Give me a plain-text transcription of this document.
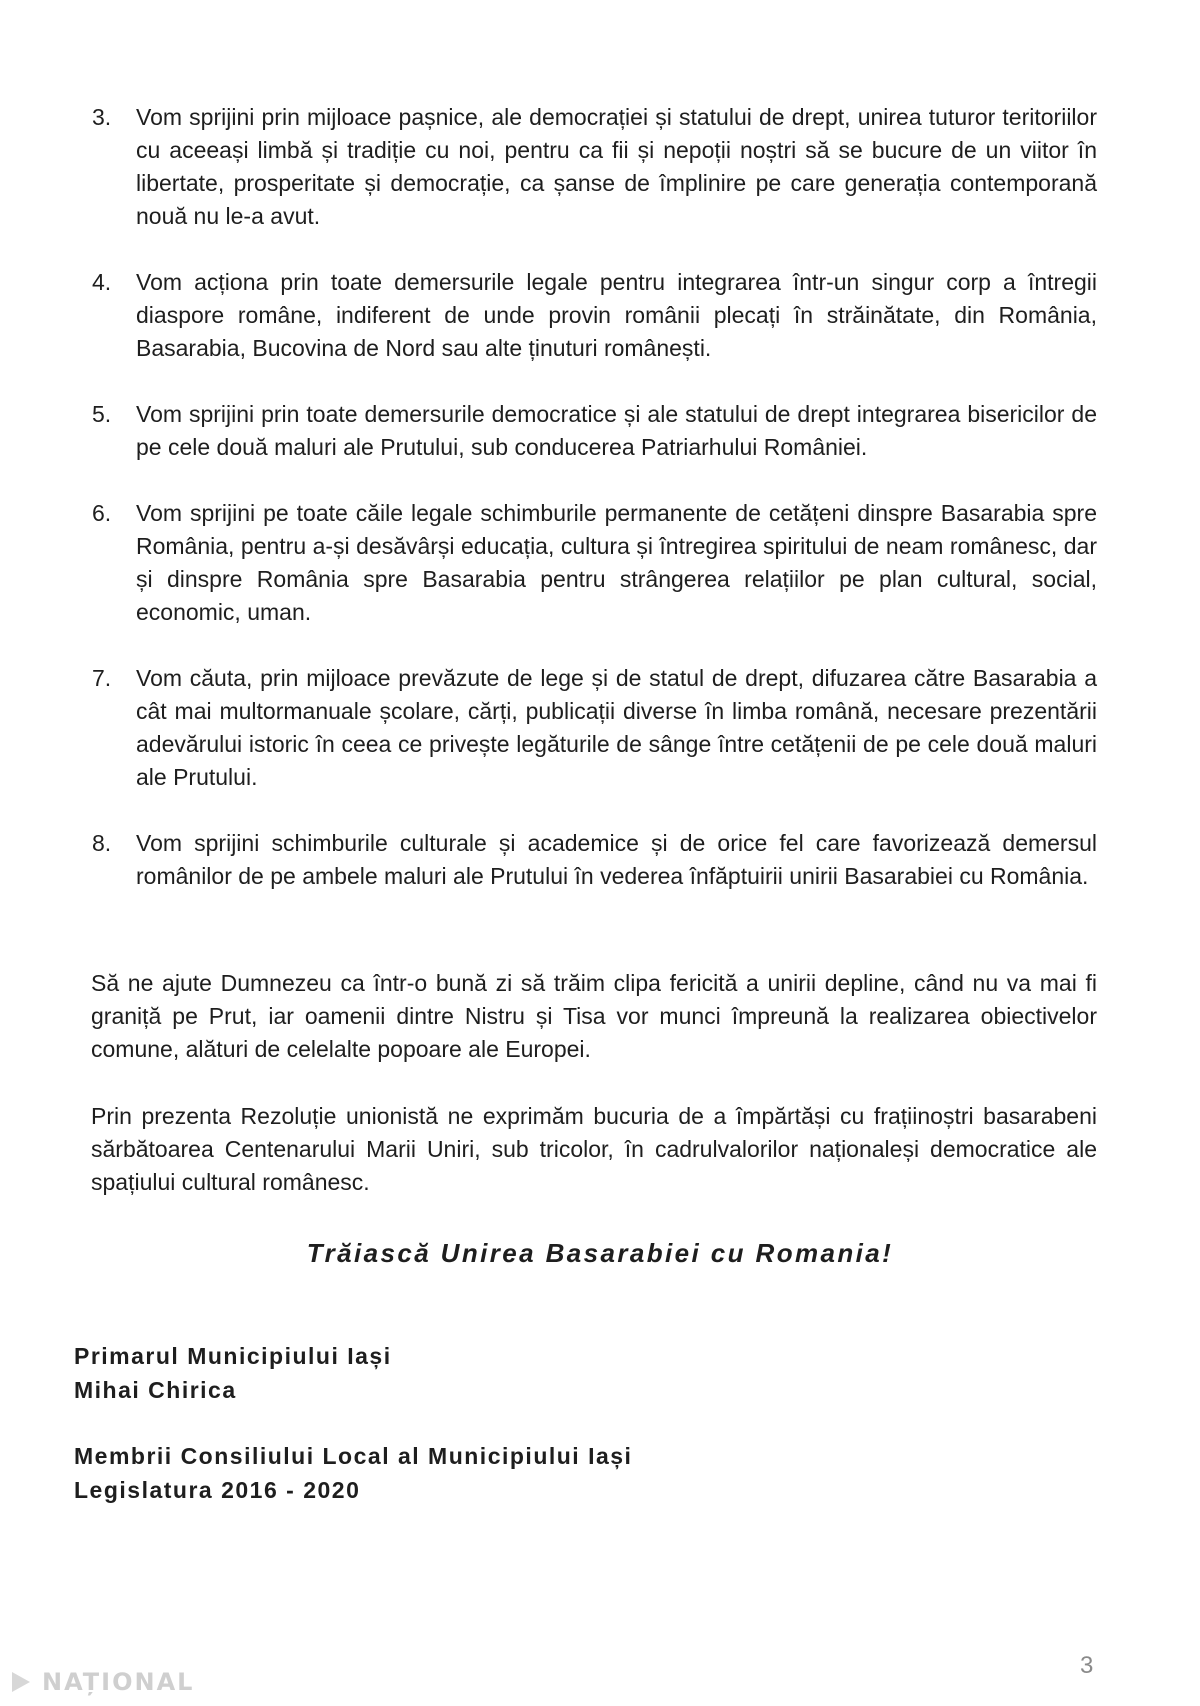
3.	Vom sprijini prin mijloace pașnice, ale democrației și statului de drept, unirea tuturor teritoriilor cu aceeași limbă și tradiție cu noi, pentru ca fii și nepoții noștri să se bucure de un viitor în libertate, prosperitate și democrație, ca șanse de împlinire pe care generația contemporană nouă nu le-a avut.

4.	Vom acționa prin toate demersurile legale pentru integrarea într-un singur corp a întregii diaspore române, indiferent de unde provin românii plecați în străinătate, din România, Basarabia, Bucovina de Nord sau alte ținuturi românești.

5.	Vom sprijini prin toate demersurile democratice și ale statului de drept integrarea bisericilor de pe cele două maluri ale Prutului, sub conducerea Patriarhului României.

6.	Vom sprijini pe toate căile legale schimburile permanente de cetățeni dinspre Basarabia spre România, pentru a-și desăvârși educația, cultura și întregirea spiritului de neam românesc, dar și dinspre România spre Basarabia pentru strângerea relațiilor pe plan cultural, social, economic, uman.

7.	Vom căuta, prin mijloace prevăzute de lege și de statul de drept, difuzarea către Basarabia a cât mai multormanuale școlare, cărți, publicații diverse în limba română, necesare prezentării adevărului istoric în ceea ce privește legăturile de sânge între cetățenii de pe cele două maluri ale Prutului.

8.	Vom sprijini schimburile culturale și academice și de orice fel care favorizează demersul românilor de pe ambele maluri ale Prutului în vederea înfăptuirii unirii Basarabiei cu România.

Să ne ajute Dumnezeu ca într-o bună zi să trăim clipa fericită a unirii depline, când nu va mai fi graniță pe Prut, iar oamenii dintre Nistru și Tisa vor munci împreună la realizarea obiectivelor comune, alături de celelalte popoare ale Europei.

Prin prezenta Rezoluție unionistă ne exprimăm bucuria de a împărtăși cu frațiinoștri basarabeni sărbătoarea Centenarului Marii Uniri, sub tricolor, în cadrulvalorilor naționaleși democratice ale spațiului cultural românesc.

Trăiască Unirea Basarabiei cu Romania!

Primarul Municipiului Iași

Mihai Chirica

Membrii Consiliului Local al Municipiului Iași

Legislatura 2016 - 2020

3

NAȚIONAL
